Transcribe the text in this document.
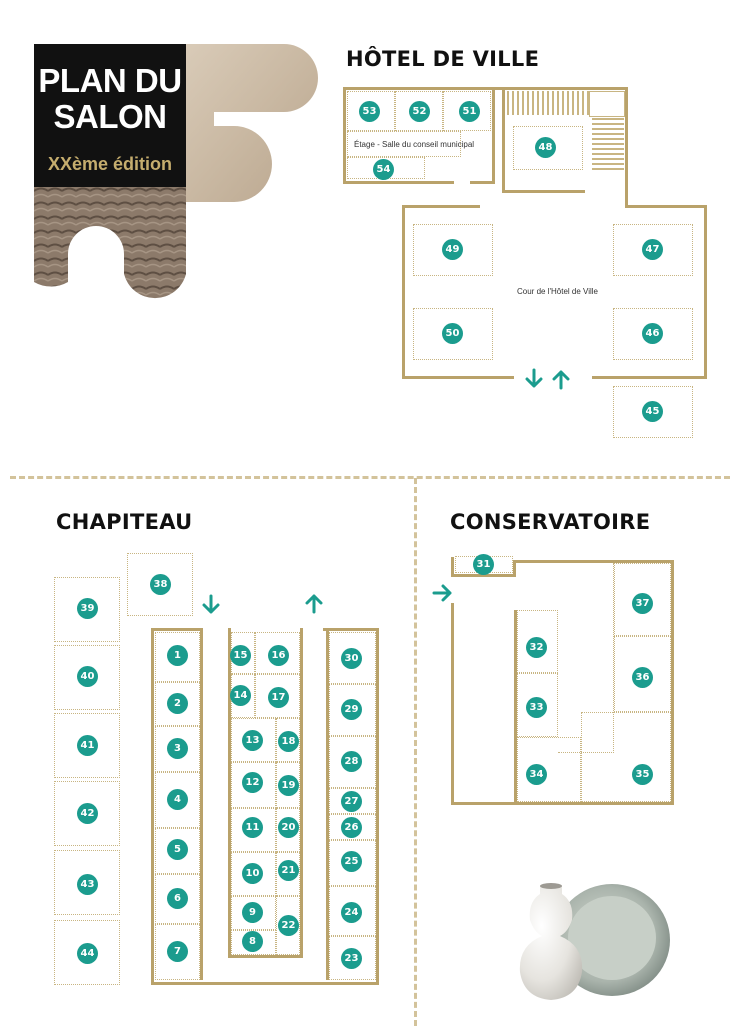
PLAN DU
SALON
XXème édition
HÔTEL DE VILLE
Étage - Salle du conseil municipal
Cour de l'Hôtel de Ville
CHAPITEAU	CONSERVATOIRE
53	52	51
54
48
49
50
47
46
45
39
40
41
42
43
44
38
1
2
3
4
5
6
7
15	16
14	17
13	18
12	19
11	20
10	21
9
22
8
30
29
28
27
26
25
24
23
31
32
33
34	35
36
37
